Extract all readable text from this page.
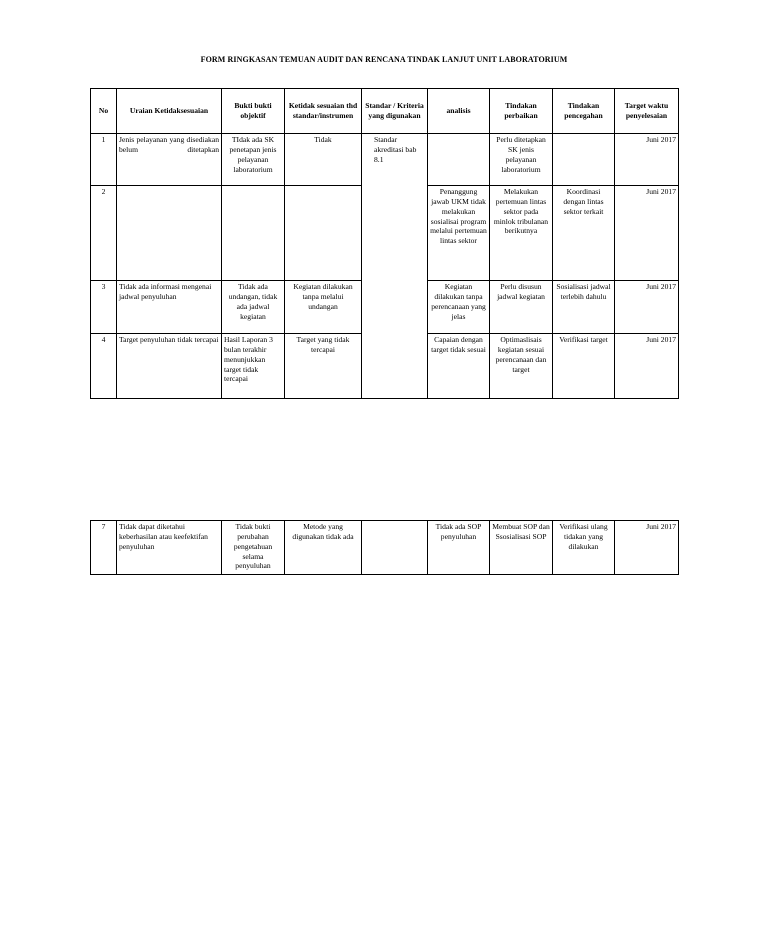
FORM RINGKASAN TEMUAN AUDIT DAN RENCANA TINDAK LANJUT UNIT LABORATORIUM
No	Uraian Ketidaksesuaian	Bukti bukti objektif	Ketidak sesuaian thd standar/instrumen	Standar / Kriteria yang digunakan	analisis	Tindakan perbaikan	Tindakan pencegahan	Target waktu penyelesaian
1	Jenis pelayanan yang disediakan belum ditetapkan	TIdak ada SK penetapan jenis pelayanan laboratorium	Tidak	Standar akreditasi bab 8.1		Perlu ditetapkan SK jenis pelayanan laboratorium		Juni 2017
2					Penanggung jawab UKM tidak melakukan sosialisai program melalui pertemuan lintas sektor	Melakukan pertemuan lintas sektor pada minlok tribulanan berikutnya	Koordinasi dengan lintas sektor terkait	Juni 2017
3	Tidak ada informasi mengenai jadwal penyuluhan	Tidak ada undangan, tidak ada jadwal kegiatan	Kegiatan dilakukan tanpa melalui undangan		Kegiatan dilakukan tanpa perencanaan yang jelas	Perlu disusun jadwal kegiatan	Sosialisasi jadwal terlebih dahulu	Juni 2017
4	Target penyuluhan tidak tercapai	Hasil Laporan 3 bulan terakhir menunjukkan target tidak tercapai	Target yang tidak tercapai		Capaian dengan target tidak sesuai	Optimaslisais kegiatan sesuai perencanaan dan target	Verifikasi target	Juni 2017
7	Tidak dapat diketahui keberhasilan atau keefektifan penyuluhan	Tidak bukti perubahan pengetahuan selama penyuluhan	Metode yang digunakan tidak ada		Tidak ada SOP penyuluhan	Membuat SOP dan Ssosialisasi SOP	Verifikasi ulang tidakan yang dilakukan	Juni 2017
